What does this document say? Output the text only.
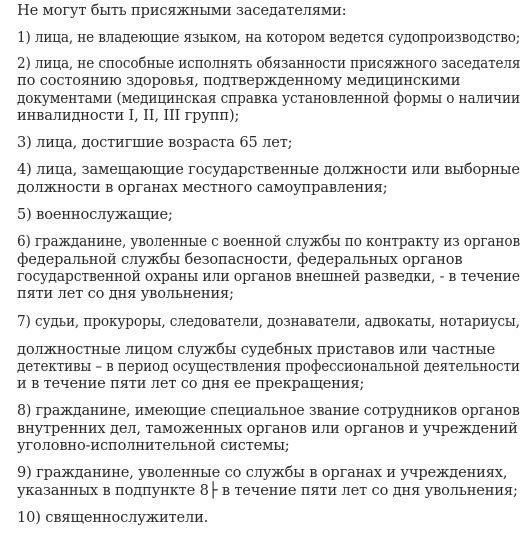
Не могут быть присяжными заседателями:
1) лица, не владеющие языком, на котором ведется судопроизводство;
2) лица, не способные исполнять обязанности присяжного заседателя
по состоянию здоровья, подтвержденному медицинскими
документами (медицинская справка установленной формы о наличии
инвалидности I, II, III групп);
3) лица, достигшие возраста 65 лет;
4) лица, замещающие государственные должности или выборные
должности в органах местного самоуправления;
5) военнослужащие;
6) гражданине, уволенные с военной службы по контракту из органов
федеральной службы безопасности, федеральных органов
государственной охраны или органов внешней разведки, - в течение
пяти лет со дня увольнения;
7) судьи, прокуроры, следователи, дознаватели, адвокаты, нотариусы,
должностные лицом службы судебных приставов или частные
детективы – в период осуществления профессиональной деятельности
и в течение пяти лет со дня ее прекращения;
8) гражданине, имеющие специальное звание сотрудников органов
внутренних дел, таможенных органов или органов и учреждений
уголовно-исполнительной системы;
9) гражданине, уволенные со службы в органах и учреждениях,
указанных в подпункте 8├ в течение пяти лет со дня увольнения;
10) священнослужители.
